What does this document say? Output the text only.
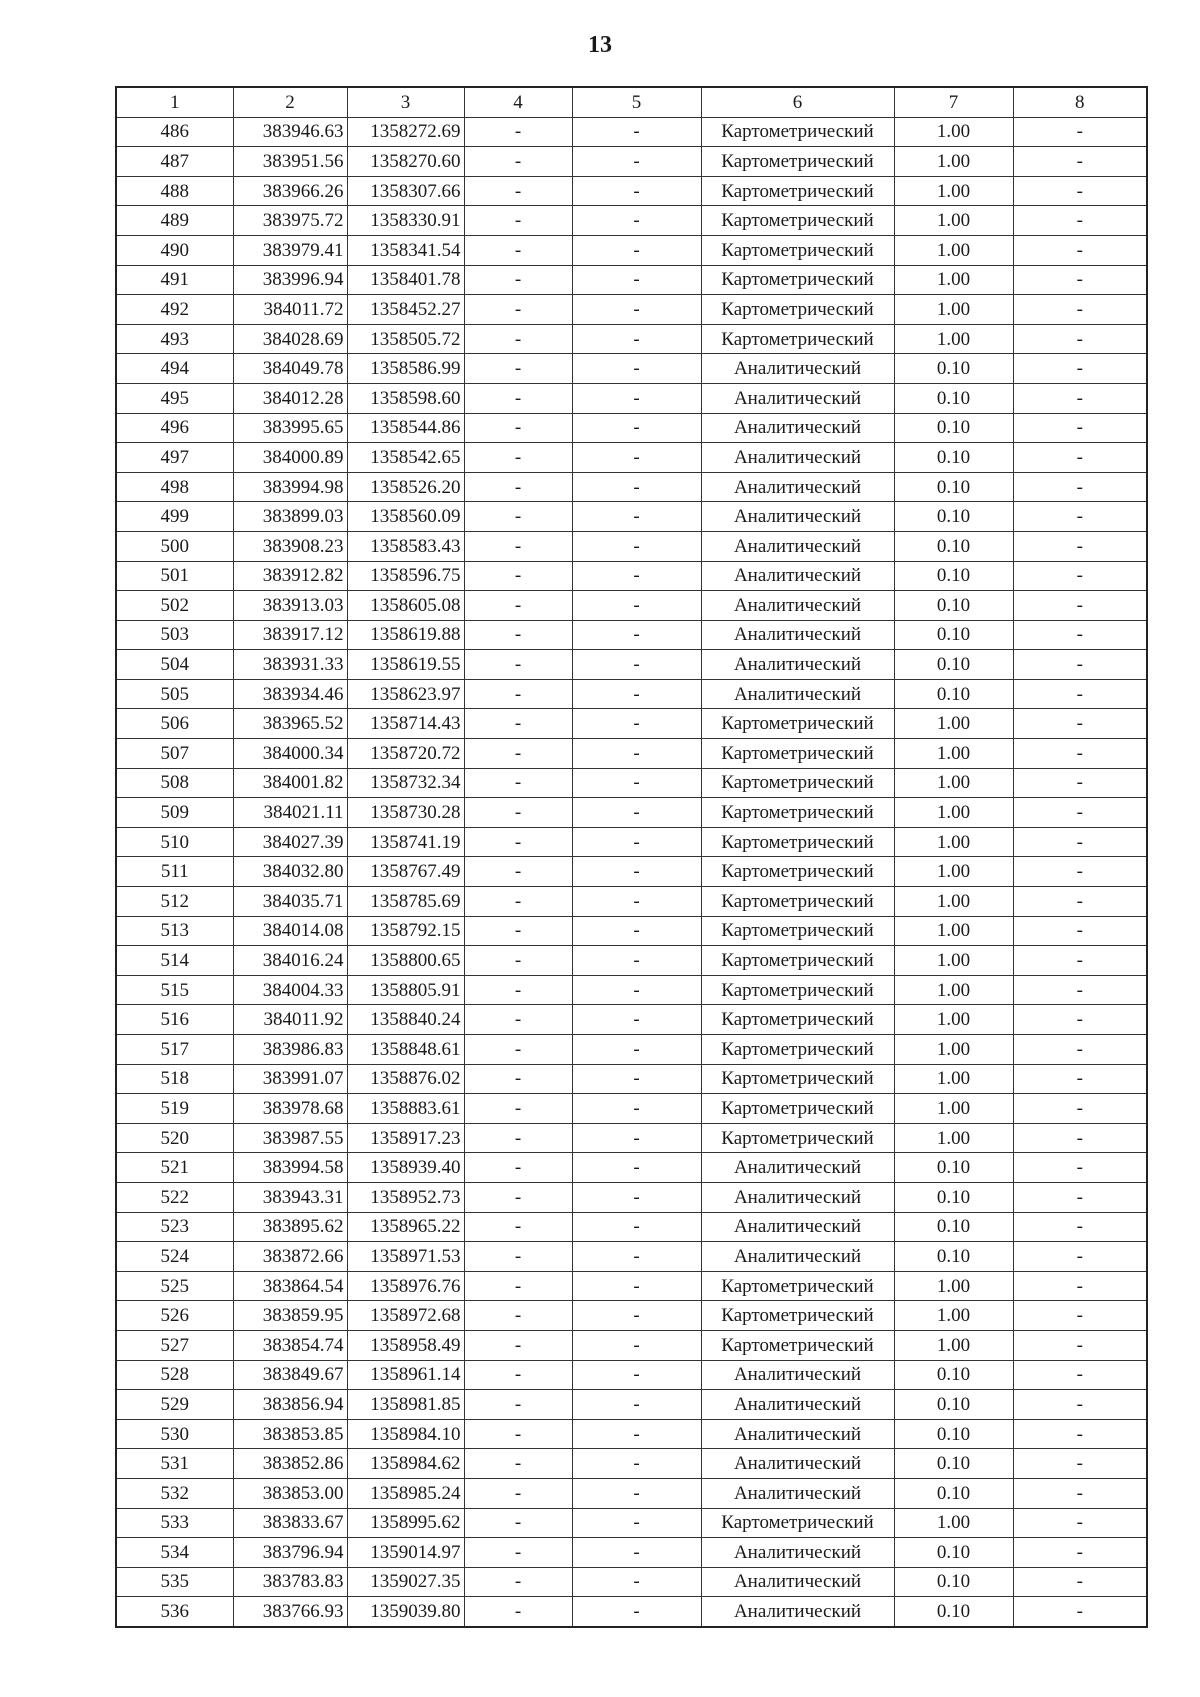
13
1	2	3	4	5	6	7	8
486	383946.63	1358272.69	-	-	Картометрический	1.00	-
487	383951.56	1358270.60	-	-	Картометрический	1.00	-
488	383966.26	1358307.66	-	-	Картометрический	1.00	-
489	383975.72	1358330.91	-	-	Картометрический	1.00	-
490	383979.41	1358341.54	-	-	Картометрический	1.00	-
491	383996.94	1358401.78	-	-	Картометрический	1.00	-
492	384011.72	1358452.27	-	-	Картометрический	1.00	-
493	384028.69	1358505.72	-	-	Картометрический	1.00	-
494	384049.78	1358586.99	-	-	Аналитический	0.10	-
495	384012.28	1358598.60	-	-	Аналитический	0.10	-
496	383995.65	1358544.86	-	-	Аналитический	0.10	-
497	384000.89	1358542.65	-	-	Аналитический	0.10	-
498	383994.98	1358526.20	-	-	Аналитический	0.10	-
499	383899.03	1358560.09	-	-	Аналитический	0.10	-
500	383908.23	1358583.43	-	-	Аналитический	0.10	-
501	383912.82	1358596.75	-	-	Аналитический	0.10	-
502	383913.03	1358605.08	-	-	Аналитический	0.10	-
503	383917.12	1358619.88	-	-	Аналитический	0.10	-
504	383931.33	1358619.55	-	-	Аналитический	0.10	-
505	383934.46	1358623.97	-	-	Аналитический	0.10	-
506	383965.52	1358714.43	-	-	Картометрический	1.00	-
507	384000.34	1358720.72	-	-	Картометрический	1.00	-
508	384001.82	1358732.34	-	-	Картометрический	1.00	-
509	384021.11	1358730.28	-	-	Картометрический	1.00	-
510	384027.39	1358741.19	-	-	Картометрический	1.00	-
511	384032.80	1358767.49	-	-	Картометрический	1.00	-
512	384035.71	1358785.69	-	-	Картометрический	1.00	-
513	384014.08	1358792.15	-	-	Картометрический	1.00	-
514	384016.24	1358800.65	-	-	Картометрический	1.00	-
515	384004.33	1358805.91	-	-	Картометрический	1.00	-
516	384011.92	1358840.24	-	-	Картометрический	1.00	-
517	383986.83	1358848.61	-	-	Картометрический	1.00	-
518	383991.07	1358876.02	-	-	Картометрический	1.00	-
519	383978.68	1358883.61	-	-	Картометрический	1.00	-
520	383987.55	1358917.23	-	-	Картометрический	1.00	-
521	383994.58	1358939.40	-	-	Аналитический	0.10	-
522	383943.31	1358952.73	-	-	Аналитический	0.10	-
523	383895.62	1358965.22	-	-	Аналитический	0.10	-
524	383872.66	1358971.53	-	-	Аналитический	0.10	-
525	383864.54	1358976.76	-	-	Картометрический	1.00	-
526	383859.95	1358972.68	-	-	Картометрический	1.00	-
527	383854.74	1358958.49	-	-	Картометрический	1.00	-
528	383849.67	1358961.14	-	-	Аналитический	0.10	-
529	383856.94	1358981.85	-	-	Аналитический	0.10	-
530	383853.85	1358984.10	-	-	Аналитический	0.10	-
531	383852.86	1358984.62	-	-	Аналитический	0.10	-
532	383853.00	1358985.24	-	-	Аналитический	0.10	-
533	383833.67	1358995.62	-	-	Картометрический	1.00	-
534	383796.94	1359014.97	-	-	Аналитический	0.10	-
535	383783.83	1359027.35	-	-	Аналитический	0.10	-
536	383766.93	1359039.80	-	-	Аналитический	0.10	-
